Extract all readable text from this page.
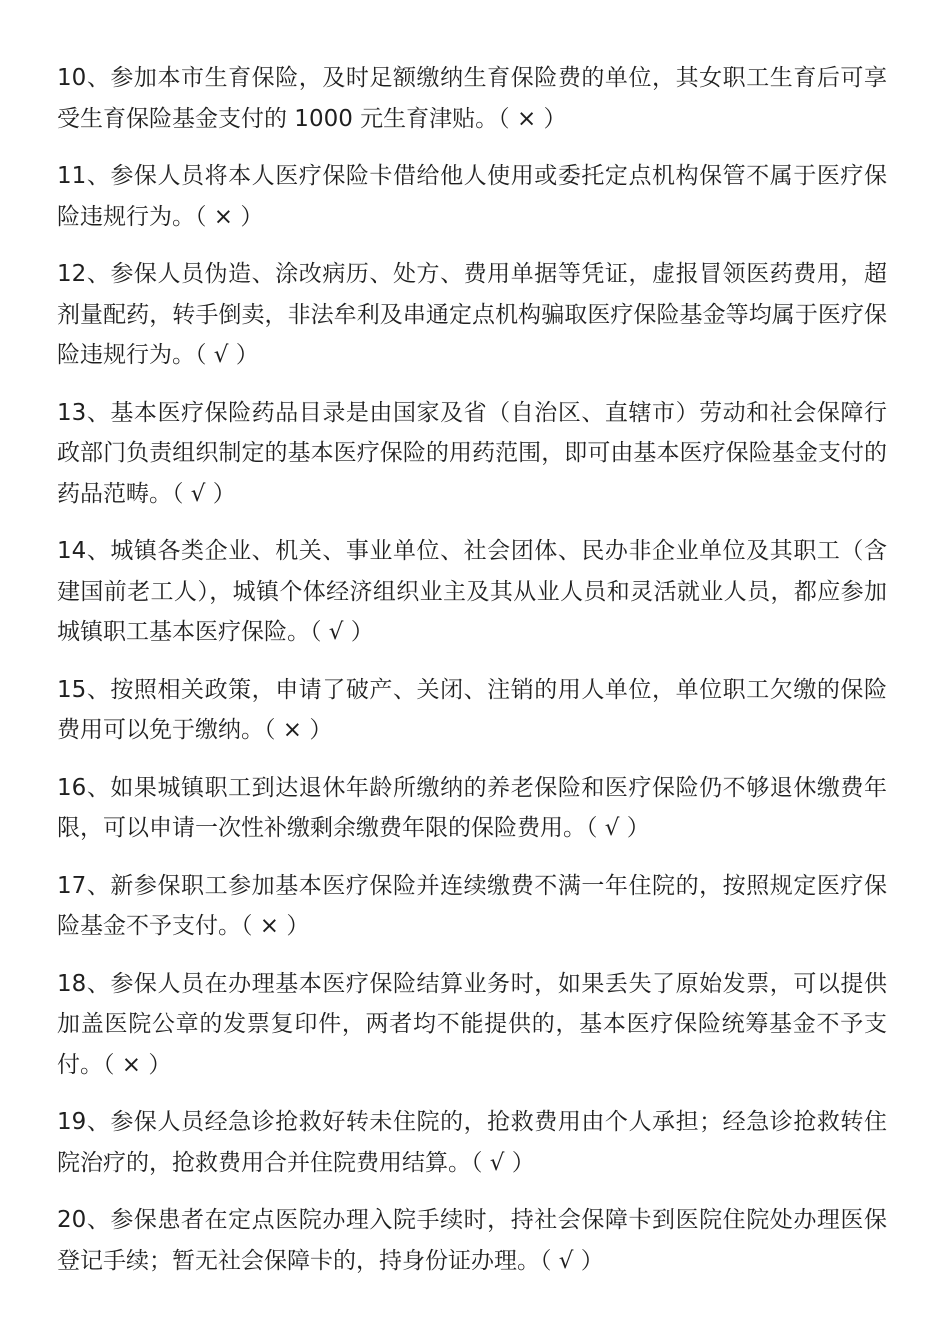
10、参加本市生育保险，及时足额缴纳生育保险费的单位，其女职工生育后可享受生育保险基金支付的 1000 元生育津贴。（ × ）

11、参保人员将本人医疗保险卡借给他人使用或委托定点机构保管不属于医疗保险违规行为。（ × ）

12、参保人员伪造、涂改病历、处方、费用单据等凭证，虚报冒领医药费用，超剂量配药，转手倒卖，非法牟利及串通定点机构骗取医疗保险基金等均属于医疗保险违规行为。（ √ ）

13、基本医疗保险药品目录是由国家及省（自治区、直辖市）劳动和社会保障行政部门负责组织制定的基本医疗保险的用药范围，即可由基本医疗保险基金支付的药品范畴。（ √ ）

14、城镇各类企业、机关、事业单位、社会团体、民办非企业单位及其职工（含建国前老工人），城镇个体经济组织业主及其从业人员和灵活就业人员，都应参加城镇职工基本医疗保险。（ √ ）

15、按照相关政策，申请了破产、关闭、注销的用人单位，单位职工欠缴的保险费用可以免于缴纳。（ × ）

16、如果城镇职工到达退休年龄所缴纳的养老保险和医疗保险仍不够退休缴费年限，可以申请一次性补缴剩余缴费年限的保险费用。（ √ ）

17、新参保职工参加基本医疗保险并连续缴费不满一年住院的，按照规定医疗保险基金不予支付。（ × ）

18、参保人员在办理基本医疗保险结算业务时，如果丢失了原始发票，可以提供加盖医院公章的发票复印件，两者均不能提供的，基本医疗保险统筹基金不予支付。（ × ）

19、参保人员经急诊抢救好转未住院的，抢救费用由个人承担；经急诊抢救转住院治疗的，抢救费用合并住院费用结算。（ √ ）

20、参保患者在定点医院办理入院手续时，持社会保障卡到医院住院处办理医保登记手续；暂无社会保障卡的，持身份证办理。（ √ ）
